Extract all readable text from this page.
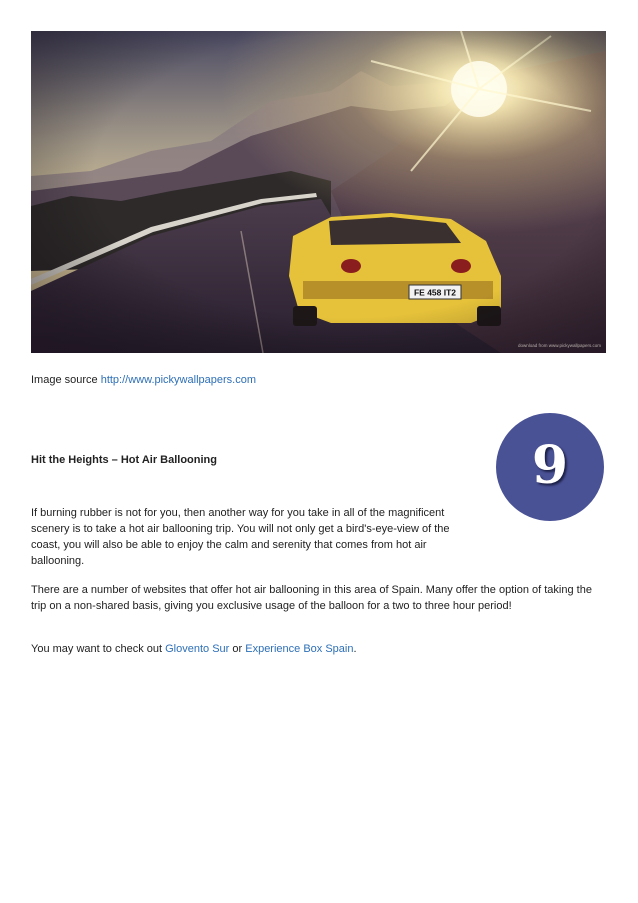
download from www.pickywallpapers.com
Image source http://www.pickywallpapers.com
Hit the Heights – Hot Air Ballooning	9
If burning rubber is not for you, then another way for you take in all of the magnificent scenery is to take a hot air ballooning trip. You will not only get a bird's-eye-view of the coast, you will also be able to enjoy the calm and serenity that comes from hot air ballooning.
There are a number of websites that offer hot air ballooning in this area of Spain. Many offer the option of taking the trip on a non-shared basis, giving you exclusive usage of the balloon for a two to three hour period!
You may want to check out Glovento Sur or Experience Box Spain.
